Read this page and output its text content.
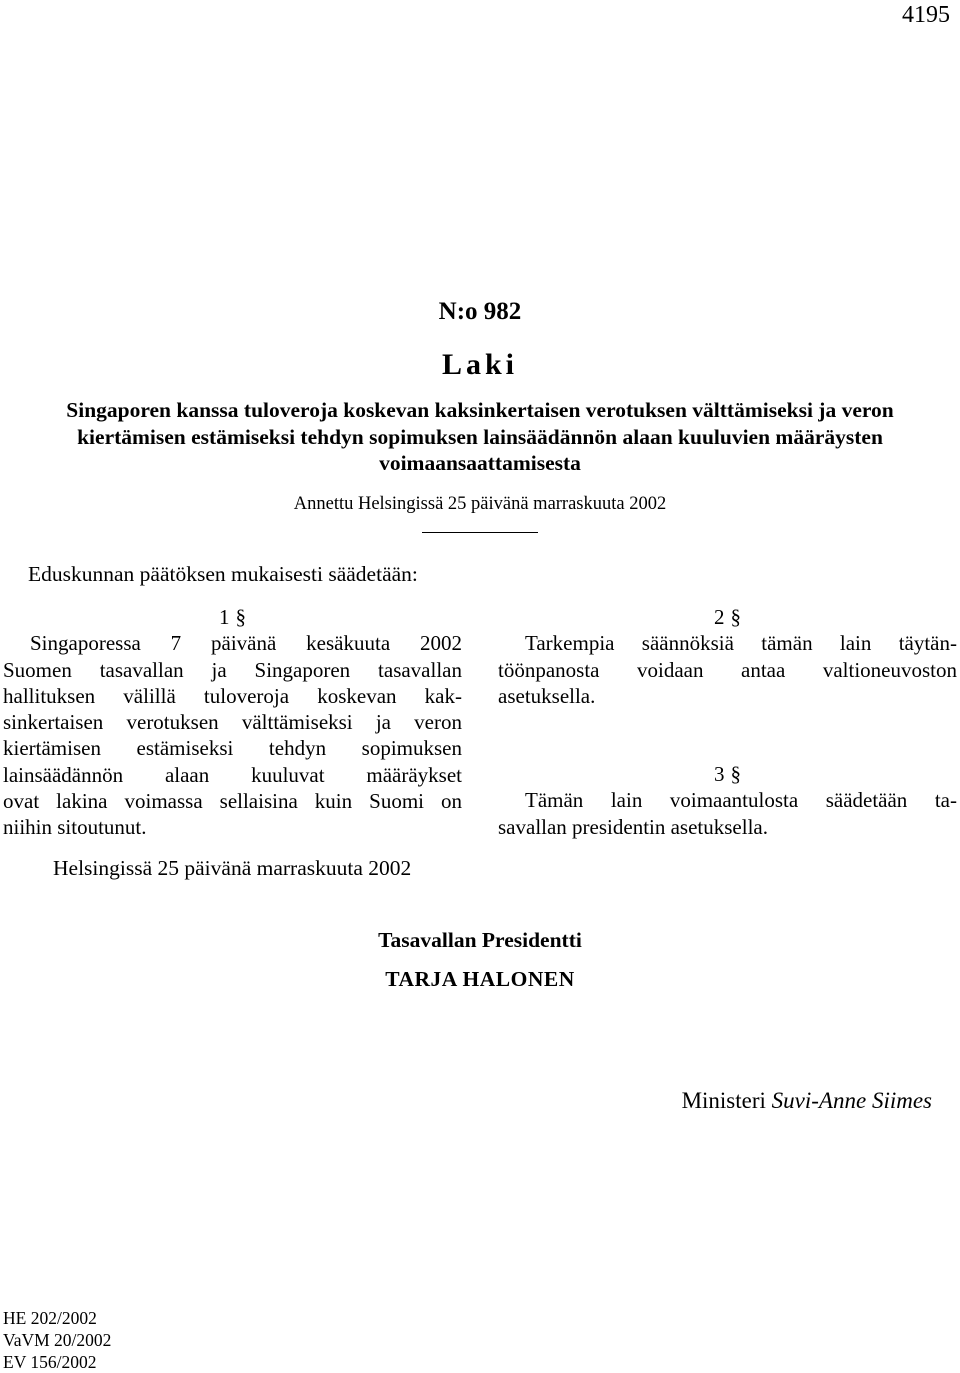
4195
N:o 982
Laki
Singaporen kanssa tuloveroja koskevan kaksinkertaisen verotuksen välttämiseksi ja veron
kiertämisen estämiseksi tehdyn sopimuksen lainsäädännön alaan kuuluvien määräysten
voimaansaattamisesta
Annettu Helsingissä 25 päivänä marraskuuta 2002
Eduskunnan päätöksen mukaisesti säädetään:
1 §
Singaporessa 7 päivänä kesäkuuta 2002
Suomen tasavallan ja Singaporen tasavallan
hallituksen välillä tuloveroja koskevan kak-
sinkertaisen verotuksen välttämiseksi ja veron
kiertämisen estämiseksi tehdyn sopimuksen
lainsäädännön alaan kuuluvat määräykset
ovat lakina voimassa sellaisina kuin Suomi on
niihin sitoutunut.
2 §
Tarkempia säännöksiä tämän lain täytän-
töönpanosta voidaan antaa valtioneuvoston
asetuksella.
3 §
Tämän lain voimaantulosta säädetään ta-
savallan presidentin asetuksella.
Helsingissä 25 päivänä marraskuuta 2002
Tasavallan Presidentti
TARJA HALONEN
Ministeri Suvi-Anne Siimes
HE 202/2002
VaVM 20/2002
EV 156/2002
